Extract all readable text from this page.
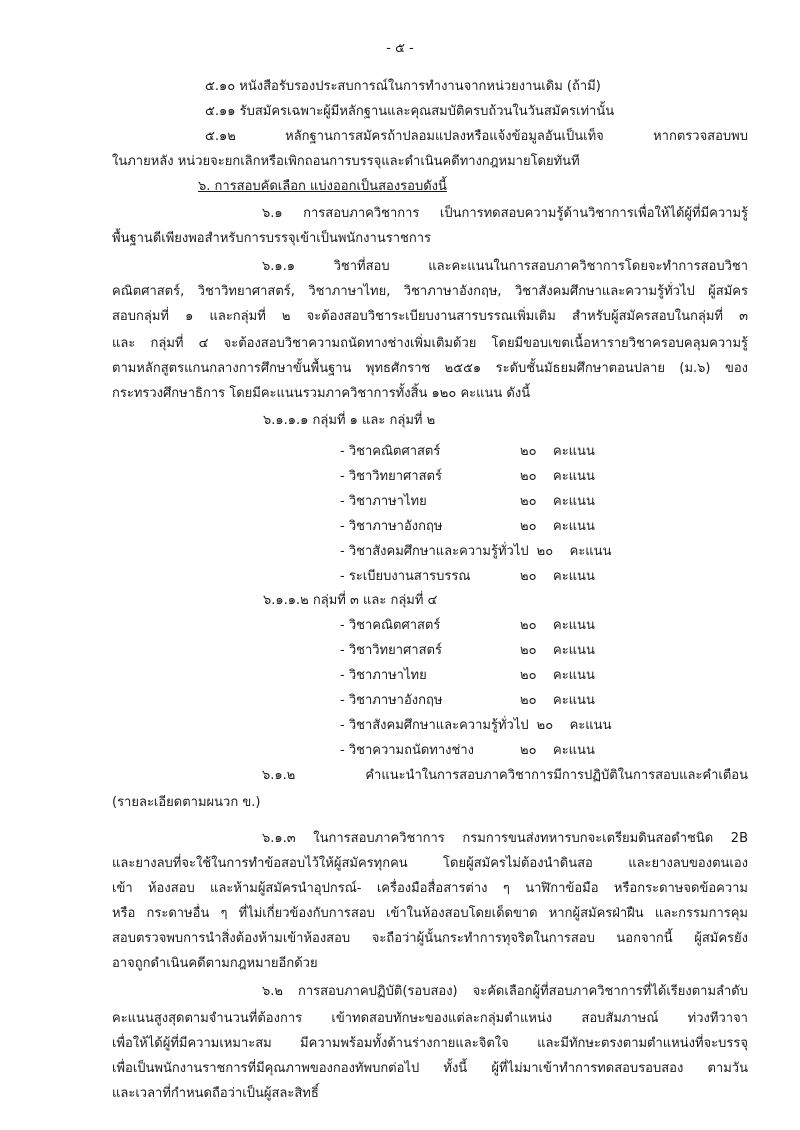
- ๕ -
๕.๑๐ หนังสือรับรองประสบการณ์ในการทำงานจากหน่วยงานเดิม (ถ้ามี)
๕.๑๑ รับสมัครเฉพาะผู้มีหลักฐานและคุณสมบัติครบถ้วนในวันสมัครเท่านั้น
๕.๑๒ หลักฐานการสมัครถ้าปลอมแปลงหรือแจ้งข้อมูลอันเป็นเท็จ หากตรวจสอบพบ
ในภายหลัง หน่วยจะยกเลิกหรือเพิกถอนการบรรจุและดำเนินคดีทางกฎหมายโดยทันที
๖. การสอบคัดเลือก แบ่งออกเป็นสองรอบดังนี้
๖.๑ การสอบภาควิชาการ เป็นการทดสอบความรู้ด้านวิชาการเพื่อให้ได้ผู้ที่มีความรู้
พื้นฐานดีเพียงพอสำหรับการบรรจุเข้าเป็นพนักงานราชการ
๖.๑.๑ วิชาที่สอบ และคะแนนในการสอบภาควิชาการโดยจะทำการสอบวิชา
คณิตศาสตร์, วิชาวิทยาศาสตร์, วิชาภาษาไทย, วิชาภาษาอังกฤษ, วิชาสังคมศึกษาและความรู้ทั่วไป ผู้สมัคร
สอบกลุ่มที่ ๑ และกลุ่มที่ ๒ จะต้องสอบวิชาระเบียบงานสารบรรณเพิ่มเติม สำหรับผู้สมัครสอบในกลุ่มที่ ๓
และ กลุ่มที่ ๔ จะต้องสอบวิชาความถนัดทางช่างเพิ่มเติมด้วย โดยมีขอบเขตเนื้อหารายวิชาครอบคลุมความรู้
ตามหลักสูตรแกนกลางการศึกษาขั้นพื้นฐาน พุทธศักราช ๒๕๕๑ ระดับชั้นมัธยมศึกษาตอนปลาย (ม.๖) ของ
กระทรวงศึกษาธิการ โดยมีคะแนนรวมภาควิชาการทั้งสิ้น ๑๒๐ คะแนน ดังนี้
๖.๑.๑.๑ กลุ่มที่ ๑ และ กลุ่มที่ ๒
- วิชาคณิตศาสตร์	๒๐	คะแนน
- วิชาวิทยาศาสตร์	๒๐	คะแนน
- วิชาภาษาไทย	๒๐	คะแนน
- วิชาภาษาอังกฤษ	๒๐	คะแนน
- วิชาสังคมศึกษาและความรู้ทั่วไป ๒๐	คะแนน
- ระเบียบงานสารบรรณ	๒๐	คะแนน
๖.๑.๑.๒ กลุ่มที่ ๓ และ กลุ่มที่ ๔
- วิชาคณิตศาสตร์	๒๐	คะแนน
- วิชาวิทยาศาสตร์	๒๐	คะแนน
- วิชาภาษาไทย	๒๐	คะแนน
- วิชาภาษาอังกฤษ	๒๐	คะแนน
- วิชาสังคมศึกษาและความรู้ทั่วไป ๒๐	คะแนน
- วิชาความถนัดทางช่าง	๒๐	คะแนน
๖.๑.๒ คำแนะนำในการสอบภาควิชาการมีการปฏิบัติในการสอบและคำเตือน
(รายละเอียดตามผนวก ข.)
๖.๑.๓ ในการสอบภาควิชาการ กรมการขนส่งทหารบกจะเตรียมดินสอดำชนิด 2B
และยางลบที่จะใช้ในการทำข้อสอบไว้ให้ผู้สมัครทุกคน โดยผู้สมัครไม่ต้องนำดินสอ และยางลบของตนเอง
เข้า ห้องสอบ และห้ามผู้สมัครนำอุปกรณ์- เครื่องมือสื่อสารต่าง ๆ นาฬิกาข้อมือ หรือกระดาษจดข้อความ
หรือ กระดาษอื่น ๆ ที่ไม่เกี่ยวข้องกับการสอบ เข้าในห้องสอบโดยเด็ดขาด หากผู้สมัครฝ่าฝืน และกรรมการคุม
สอบตรวจพบการนำสิ่งต้องห้ามเข้าห้องสอบ จะถือว่าผู้นั้นกระทำการทุจริตในการสอบ นอกจากนี้ ผู้สมัครยัง
อาจถูกดำเนินคดีตามกฎหมายอีกด้วย
๖.๒ การสอบภาคปฏิบัติ(รอบสอง) จะคัดเลือกผู้ที่สอบภาควิชาการที่ได้เรียงตามลำดับ
คะแนนสูงสุดตามจำนวนที่ต้องการ เข้าทดสอบทักษะของแต่ละกลุ่มตำแหน่ง สอบสัมภาษณ์ ท่วงทีวาจา
เพื่อให้ได้ผู้ที่มีความเหมาะสม มีความพร้อมทั้งด้านร่างกายและจิตใจ และมีทักษะตรงตามตำแหน่งที่จะบรรจุ
เพื่อเป็นพนักงานราชการที่มีคุณภาพของกองทัพบกต่อไป ทั้งนี้ ผู้ที่ไม่มาเข้าทำการทดสอบรอบสอง ตามวัน
และเวลาที่กำหนดถือว่าเป็นผู้สละสิทธิ์
